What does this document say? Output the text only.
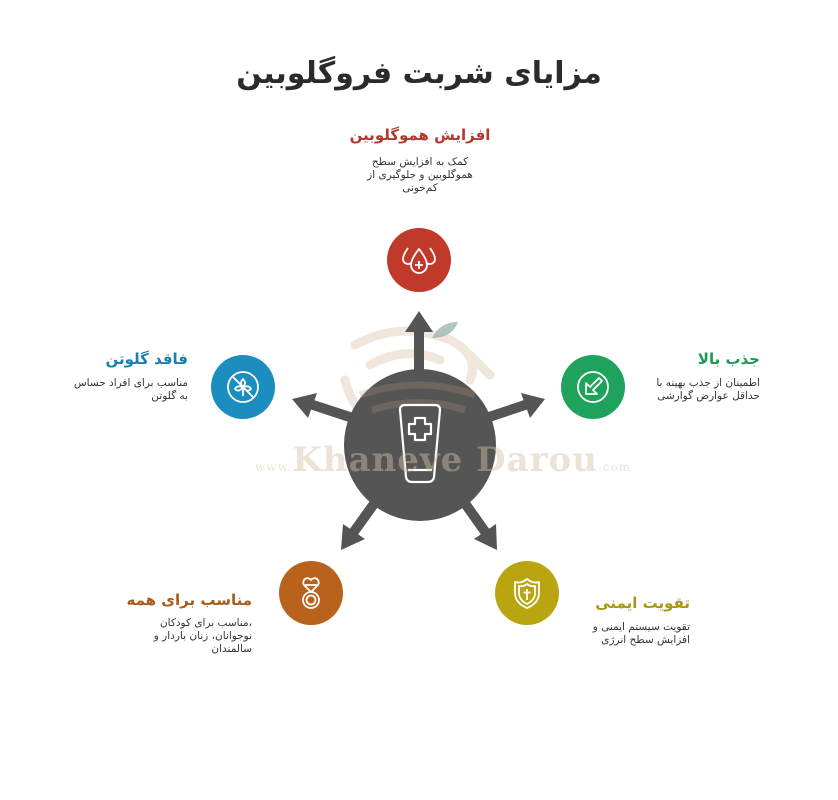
مزایای شربت فروگلوبین
www.Khaneve Darou.com
افزایش هموگلوبین
کمک به افزایش سطح هموگلوبین و جلوگیری از کم‌خونی
جذب بالا
اطمینان از جذب بهینه با حداقل عوارض گوارشی
فاقد گلوتن
مناسب برای افراد حساس به گلوتن
مناسب برای همه
،مناسب برای کودکان نوجوانان، زنان باردار و سالمندان
تقویت ایمنی
تقویت سیستم ایمنی و افزایش سطح انرژی
